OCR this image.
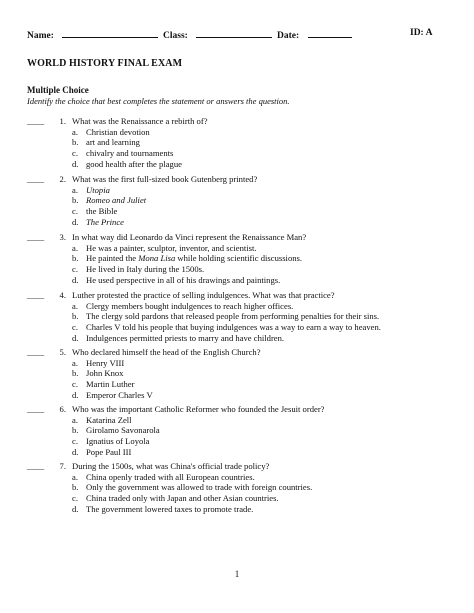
Name:	Class:	Date:	ID: A
WORLD HISTORY FINAL EXAM
Multiple Choice
Identify the choice that best completes the statement or answers the question.
____ 1. What was the Renaissance a rebirth of?
a. Christian devotion
b. art and learning
c. chivalry and tournaments
d. good health after the plague
____ 2. What was the first full-sized book Gutenberg printed?
a. Utopia
b. Romeo and Juliet
c. the Bible
d. The Prince
____ 3. In what way did Leonardo da Vinci represent the Renaissance Man?
a. He was a painter, sculptor, inventor, and scientist.
b. He painted the Mona Lisa while holding scientific discussions.
c. He lived in Italy during the 1500s.
d. He used perspective in all of his drawings and paintings.
____ 4. Luther protested the practice of selling indulgences. What was that practice?
a. Clergy members bought indulgences to reach higher offices.
b. The clergy sold pardons that released people from performing penalties for their sins.
c. Charles V told his people that buying indulgences was a way to earn a way to heaven.
d. Indulgences permitted priests to marry and have children.
____ 5. Who declared himself the head of the English Church?
a. Henry VIII
b. John Knox
c. Martin Luther
d. Emperor Charles V
____ 6. Who was the important Catholic Reformer who founded the Jesuit order?
a. Katarina Zell
b. Girolamo Savonarola
c. Ignatius of Loyola
d. Pope Paul III
____ 7. During the 1500s, what was China's official trade policy?
a. China openly traded with all European countries.
b. Only the government was allowed to trade with foreign countries.
c. China traded only with Japan and other Asian countries.
d. The government lowered taxes to promote trade.
1
